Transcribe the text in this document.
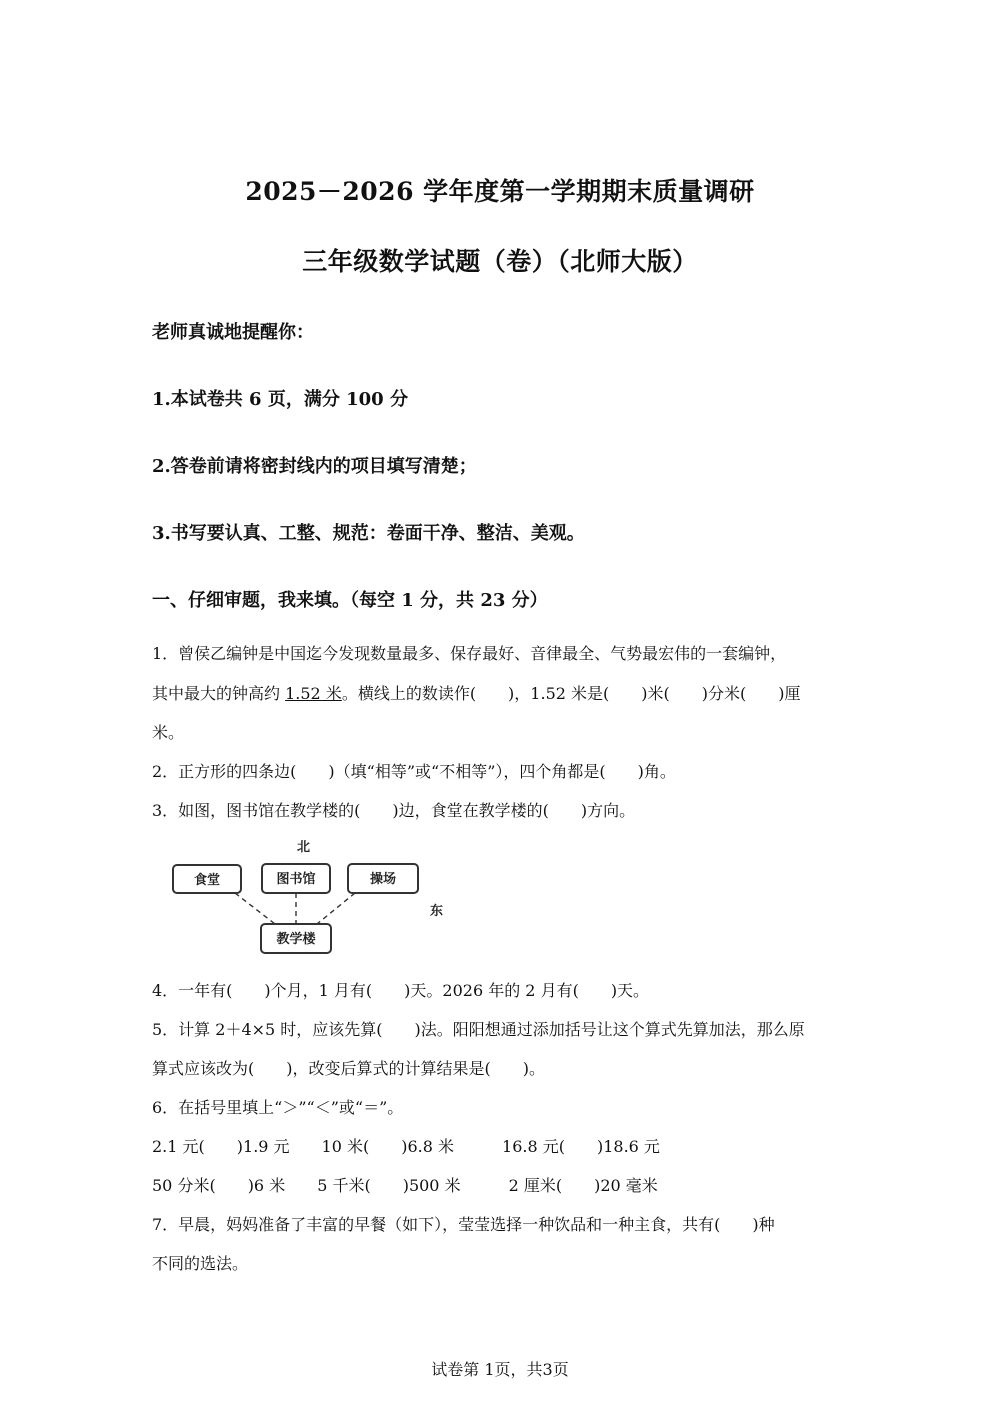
2025－2026 学年度第一学期期末质量调研
三年级数学试题（卷）（北师大版）
老师真诚地提醒你：
1.本试卷共 6 页，满分 100 分
2.答卷前请将密封线内的项目填写清楚；
3.书写要认真、工整、规范：卷面干净、整洁、美观。
一、仔细审题，我来填。（每空 1 分，共 23 分）
1．曾侯乙编钟是中国迄今发现数量最多、保存最好、音律最全、气势最宏伟的一套编钟，
其中最大的钟高约 1.52 米。横线上的数读作(　　)，1.52 米是(　　)米(　　)分米(　　)厘
米。
2．正方形的四条边(　　)（填“相等”或“不相等”），四个角都是(　　)角。
3．如图，图书馆在教学楼的(　　)边，食堂在教学楼的(　　)方向。
北
东
食堂	图书馆	操场
教学楼
4．一年有(　　)个月，1 月有(　　)天。2026 年的 2 月有(　　)天。
5．计算 2＋4×5 时，应该先算(　　)法。阳阳想通过添加括号让这个算式先算加法，那么原
算式应该改为(　　)，改变后算式的计算结果是(　　)。
6．在括号里填上“＞”“＜”或“＝”。
2.1 元(　　)1.9 元　　10 米(　　)6.8 米　　　16.8 元(　　)18.6 元
50 分米(　　)6 米　　5 千米(　　)500 米　　　2 厘米(　　)20 毫米
7．早晨，妈妈准备了丰富的早餐（如下），莹莹选择一种饮品和一种主食，共有(　　)种
不同的选法。
试卷第 1页，共3页
